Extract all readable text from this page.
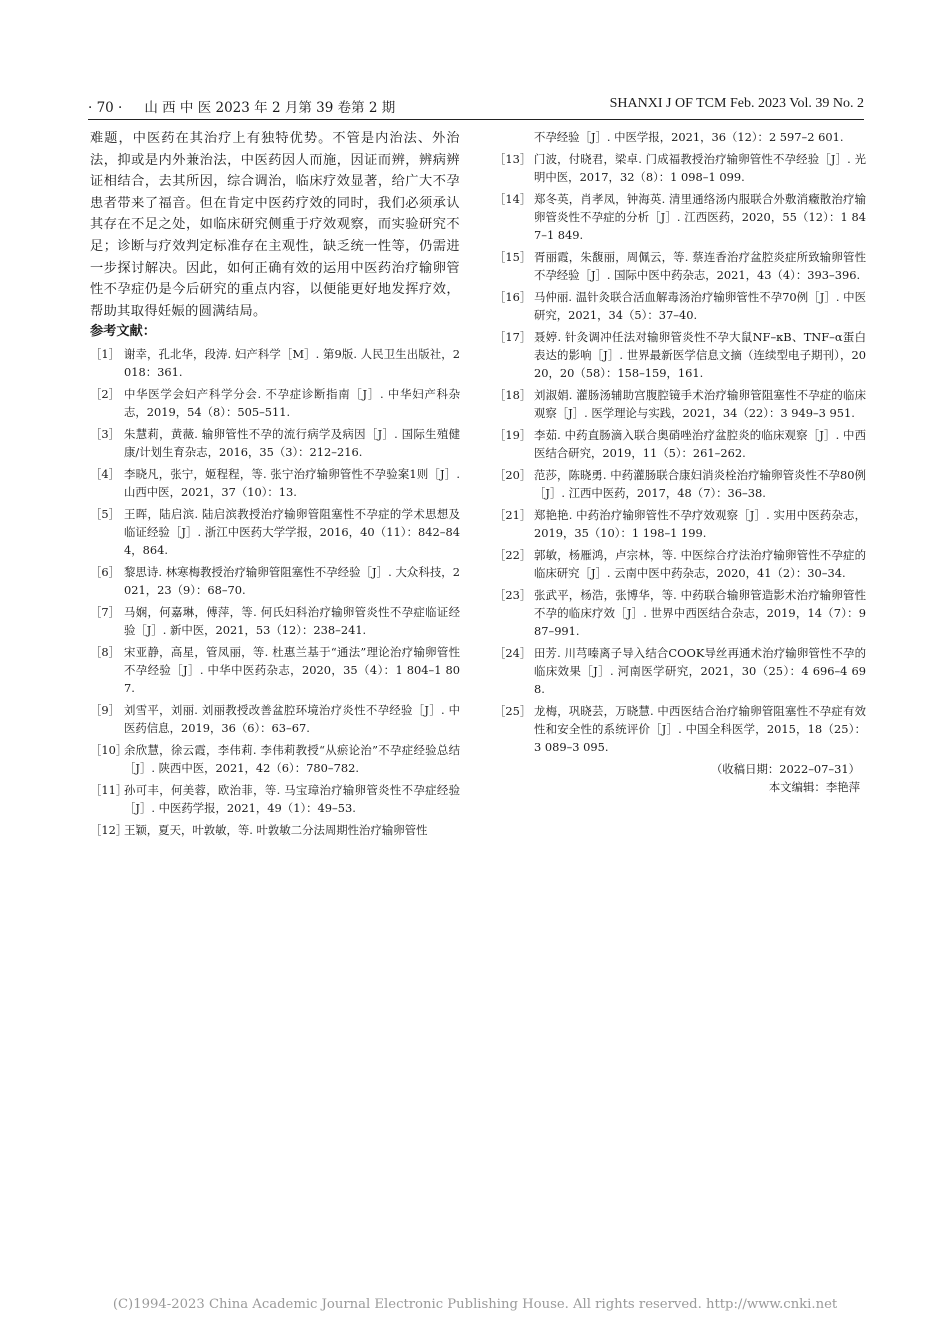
· 70 · 山 西 中 医 2023 年 2 月第 39 卷第 2 期	SHANXI J OF TCM Feb. 2023 Vol. 39 No. 2

难题，中医药在其治疗上有独特优势。不管是内治法、外治法，抑或是内外兼治法，中医药因人而施，因证而辨，辨病辨证相结合，去其所因，综合调治，临床疗效显著，给广大不孕患者带来了福音。但在肯定中医药疗效的同时，我们必须承认其存在不足之处，如临床研究侧重于疗效观察，而实验研究不足；诊断与疗效判定标准存在主观性，缺乏统一性等，仍需进一步探讨解决。因此，如何正确有效的运用中医药治疗输卵管性不孕症仍是今后研究的重点内容，以便能更好地发挥疗效，帮助其取得妊娠的圆满结局。

参考文献：
［1］ 谢幸，孔北华，段涛. 妇产科学［M］. 第9版. 人民卫生出版社，2018：361.
［2］ 中华医学会妇产科学分会. 不孕症诊断指南［J］. 中华妇产科杂志，2019，54（8）：505–511.
［3］ 朱慧莉，黄薇. 输卵管性不孕的流行病学及病因［J］. 国际生殖健康/计划生育杂志，2016，35（3）：212–216.
［4］ 李晓凡，张宁，姬程程，等. 张宁治疗输卵管性不孕验案1则［J］. 山西中医，2021，37（10）：13.
［5］ 王晖，陆启滨. 陆启滨教授治疗输卵管阻塞性不孕症的学术思想及临证经验［J］. 浙江中医药大学学报，2016，40（11）：842–844，864.
［6］ 黎思诗. 林寒梅教授治疗输卵管阻塞性不孕经验［J］. 大众科技，2021，23（9）：68–70.
［7］ 马娴，何嘉琳，傅萍，等. 何氏妇科治疗输卵管炎性不孕症临证经验［J］. 新中医，2021，53（12）：238–241.
［8］ 宋亚静，高星，管凤丽，等. 杜惠兰基于“通法”理论治疗输卵管性不孕经验［J］. 中华中医药杂志，2020，35（4）：1 804–1 807.
［9］ 刘雪平，刘丽. 刘丽教授改善盆腔环境治疗炎性不孕经验［J］. 中医药信息，2019，36（6）：63–67.
［10］
余欣慧，徐云霞，李伟莉. 李伟莉教授“从瘀论治”不孕症经验总结［J］. 陕西中医，2021，42（6）：780–782.
［11］
孙可丰，何美蓉，欧治菲，等. 马宝璋治疗输卵管炎性不孕症经验［J］. 中医药学报，2021，49（1）：49–53.
［12］
王颖，夏天，叶敦敏，等. 叶敦敏二分法周期性治疗输卵管性
不孕经验［J］. 中医学报，2021，36（12）：2 597–2 601.
［13］ 门波，付晓君，梁卓. 门成福教授治疗输卵管性不孕经验［J］. 光明中医，2017，32（8）：1 098–1 099.
［14］ 郑冬英，肖孝凤，钟海英. 清里通络汤内服联合外敷消癥散治疗输卵管炎性不孕症的分析［J］. 江西医药，2020，55（12）：1 847–1 849.
［15］ 胥丽霞，朱馥丽，周佩云，等. 蔡连香治疗盆腔炎症所致输卵管性不孕经验［J］. 国际中医中药杂志，2021，43（4）：393–396.
［16］ 马仲丽. 温针灸联合活血解毒汤治疗输卵管性不孕70例［J］. 中医研究，2021，34（5）：37–40.
［17］ 聂婷. 针灸调冲任法对输卵管炎性不孕大鼠NF–κB、TNF–α蛋白表达的影响［J］. 世界最新医学信息文摘（连续型电子期刊），2020，20（58）：158–159，161.
［18］ 刘淑娟. 灌肠汤辅助宫腹腔镜手术治疗输卵管阻塞性不孕症的临床观察［J］. 医学理论与实践，2021，34（22）：3 949–3 951.
［19］ 李茹. 中药直肠滴入联合奥硝唑治疗盆腔炎的临床观察［J］. 中西医结合研究，2019，11（5）：261–262.
［20］ 范莎，陈晓勇. 中药灌肠联合康妇消炎栓治疗输卵管炎性不孕80例［J］. 江西中医药，2017，48（7）：36–38.
［21］ 郑艳艳. 中药治疗输卵管性不孕疗效观察［J］. 实用中医药杂志，2019，35（10）：1 198–1 199.
［22］ 郭敏，杨雁鸿，卢宗林，等. 中医综合疗法治疗输卵管性不孕症的临床研究［J］. 云南中医中药杂志，2020，41（2）：30–34.
［23］ 张武平，杨浩，张博华，等. 中药联合输卵管造影术治疗输卵管性不孕的临床疗效［J］. 世界中西医结合杂志，2019，14（7）：987–991.
［24］ 田芳. 川芎嗪离子导入结合COOK导丝再通术治疗输卵管性不孕的临床效果［J］. 河南医学研究，2021，30（25）：4 696–4 698.
［25］ 龙梅，巩晓芸，万晓慧. 中西医结合治疗输卵管阻塞性不孕症有效性和安全性的系统评价［J］. 中国全科医学，2015，18（25）：3 089–3 095.
（收稿日期：2022–07–31）
本文编辑：李艳萍
(C)1994-2023 China Academic Journal Electronic Publishing House. All rights reserved. http://www.cnki.net
